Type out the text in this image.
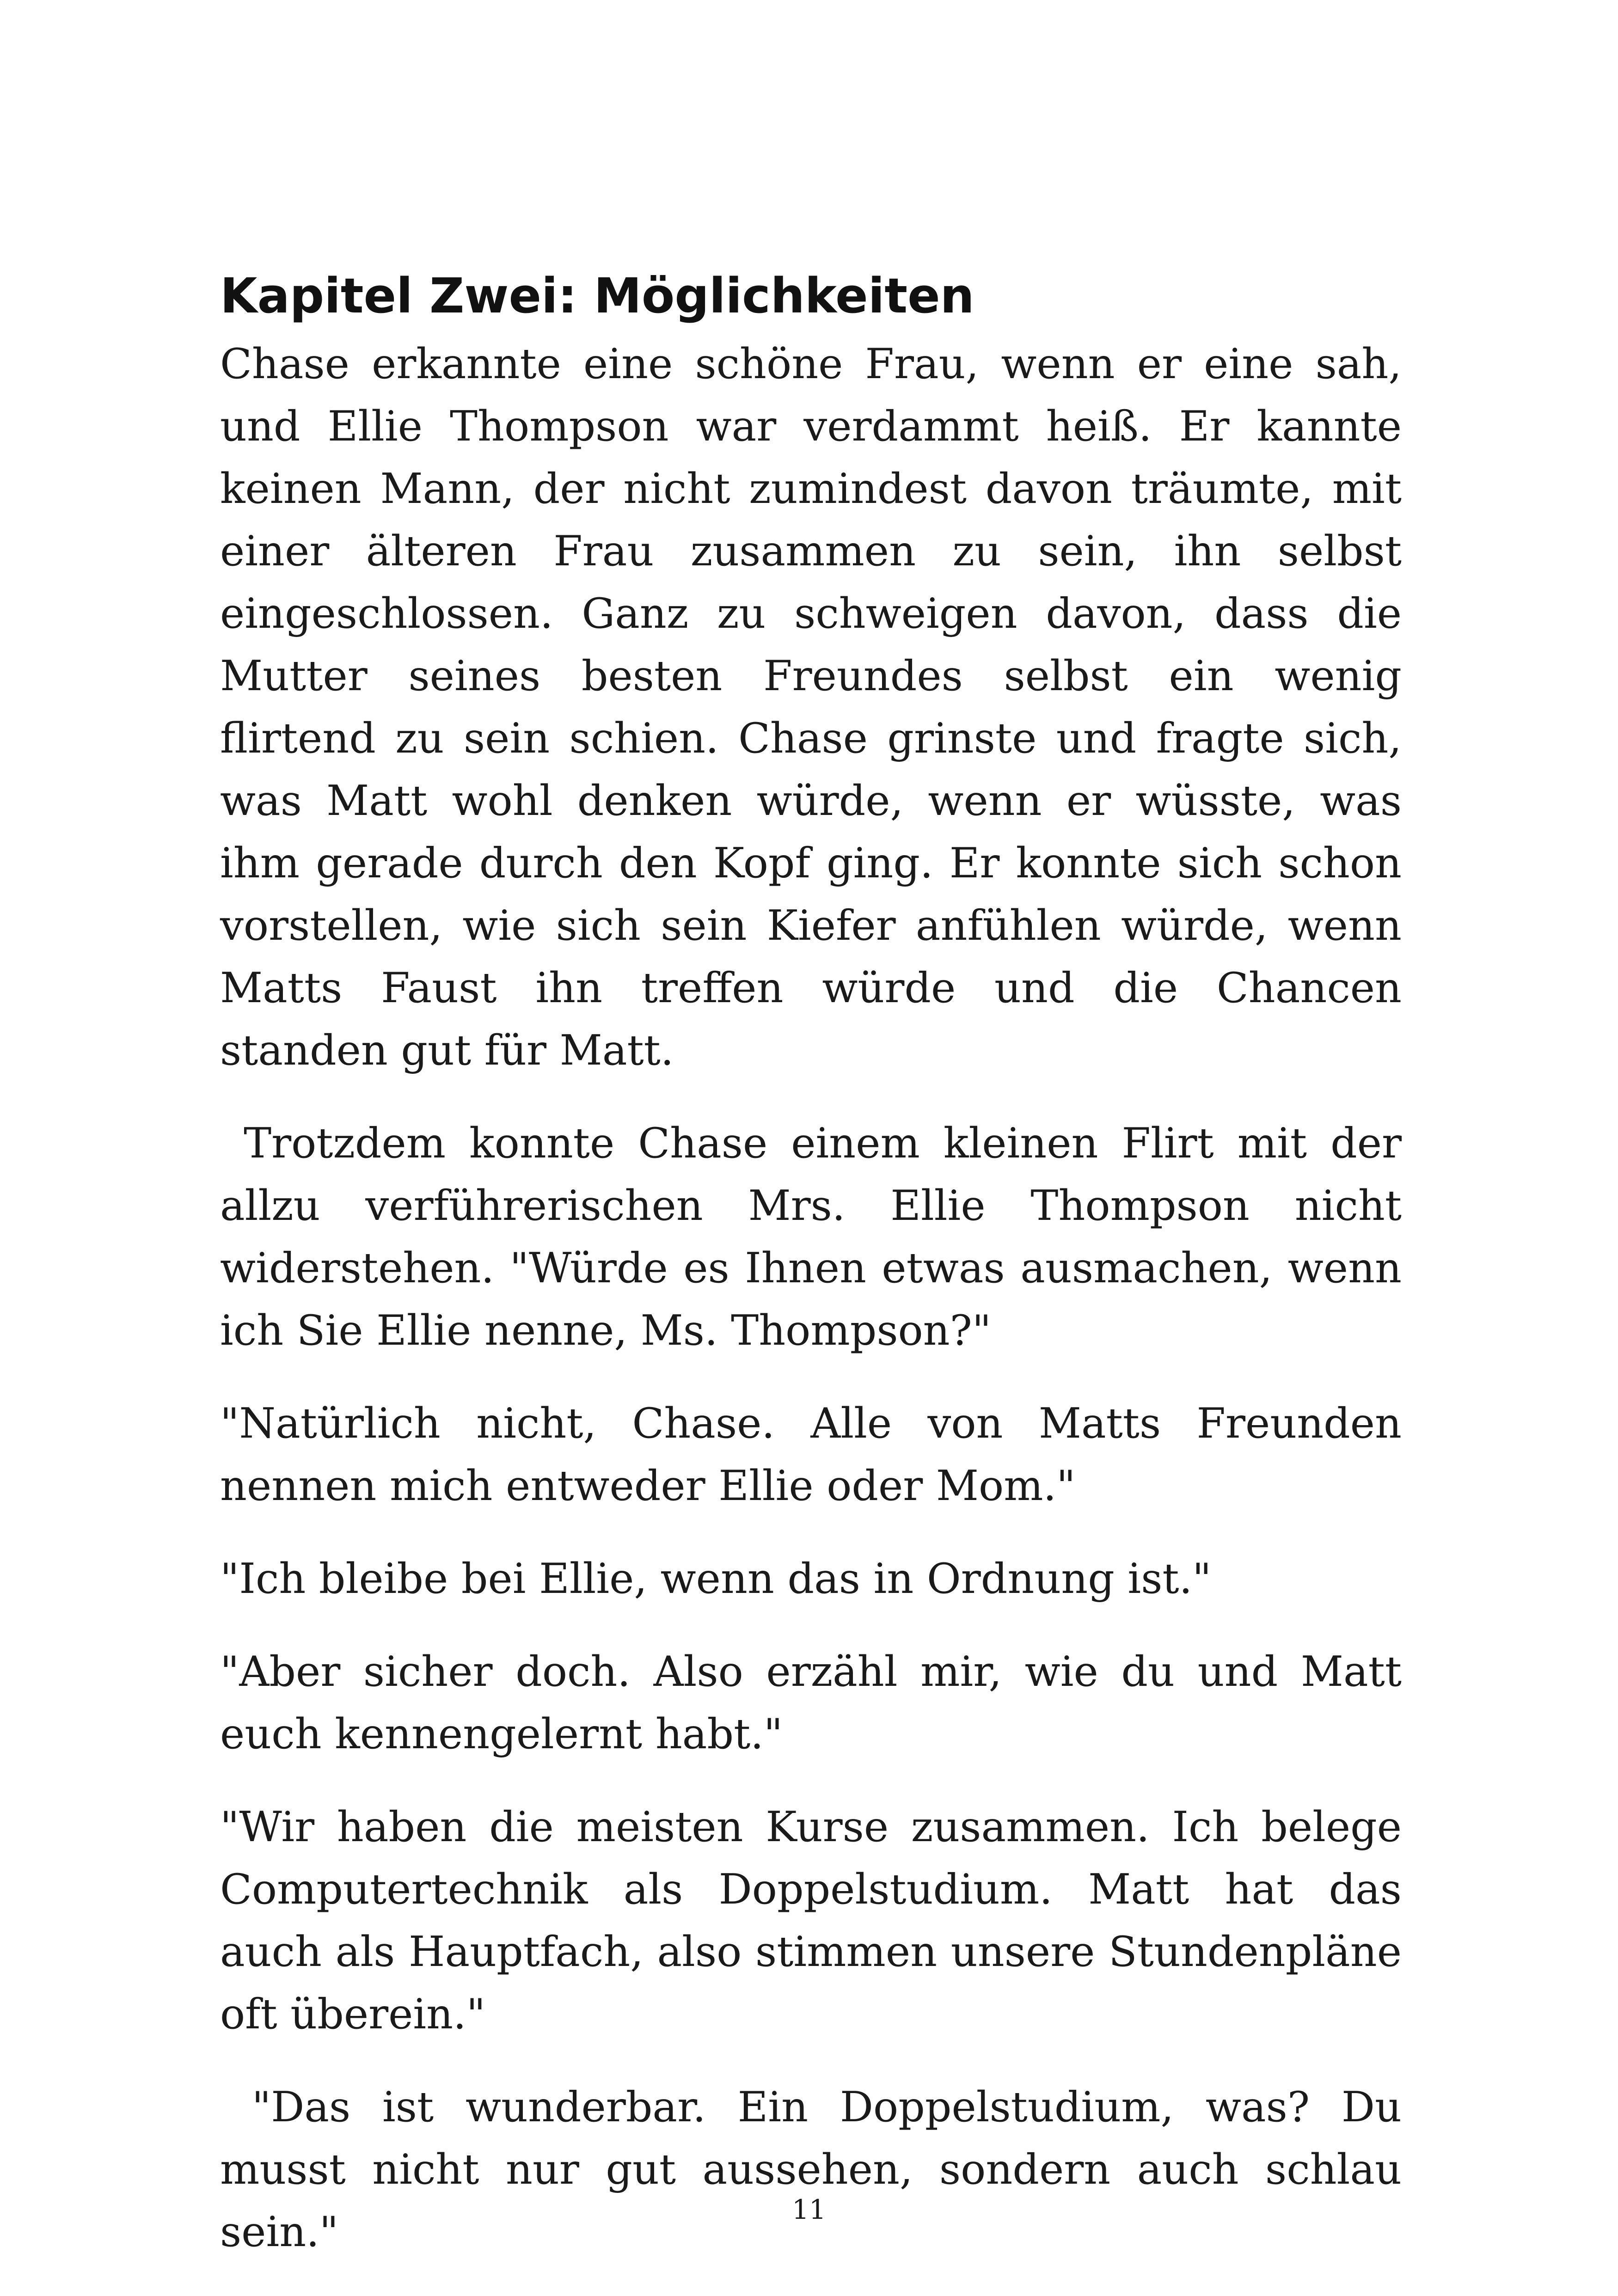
Kapitel Zwei: Möglichkeiten

Chase erkannte eine schöne Frau, wenn er eine sah, und Ellie Thompson war verdammt heiß. Er kannte keinen Mann, der nicht zumindest davon träumte, mit einer älteren Frau zusammen zu sein, ihn selbst eingeschlossen. Ganz zu schweigen davon, dass die Mutter seines besten Freundes selbst ein wenig flirtend zu sein schien. Chase grinste und fragte sich, was Matt wohl denken würde, wenn er wüsste, was ihm gerade durch den Kopf ging. Er konnte sich schon vorstellen, wie sich sein Kiefer anfühlen würde, wenn Matts Faust ihn treffen würde und die Chancen standen gut für Matt.

Trotzdem konnte Chase einem kleinen Flirt mit der allzu verführerischen Mrs. Ellie Thompson nicht widerstehen. "Würde es Ihnen etwas ausmachen, wenn ich Sie Ellie nenne, Ms. Thompson?"

"Natürlich nicht, Chase. Alle von Matts Freunden nennen mich entweder Ellie oder Mom."

"Ich bleibe bei Ellie, wenn das in Ordnung ist."

"Aber sicher doch. Also erzähl mir, wie du und Matt euch kennengelernt habt."

"Wir haben die meisten Kurse zusammen. Ich belege Computertechnik als Doppelstudium. Matt hat das auch als Hauptfach, also stimmen unsere Stundenpläne oft überein."

"Das ist wunderbar. Ein Doppelstudium, was? Du musst nicht nur gut aussehen, sondern auch schlau sein."	11
